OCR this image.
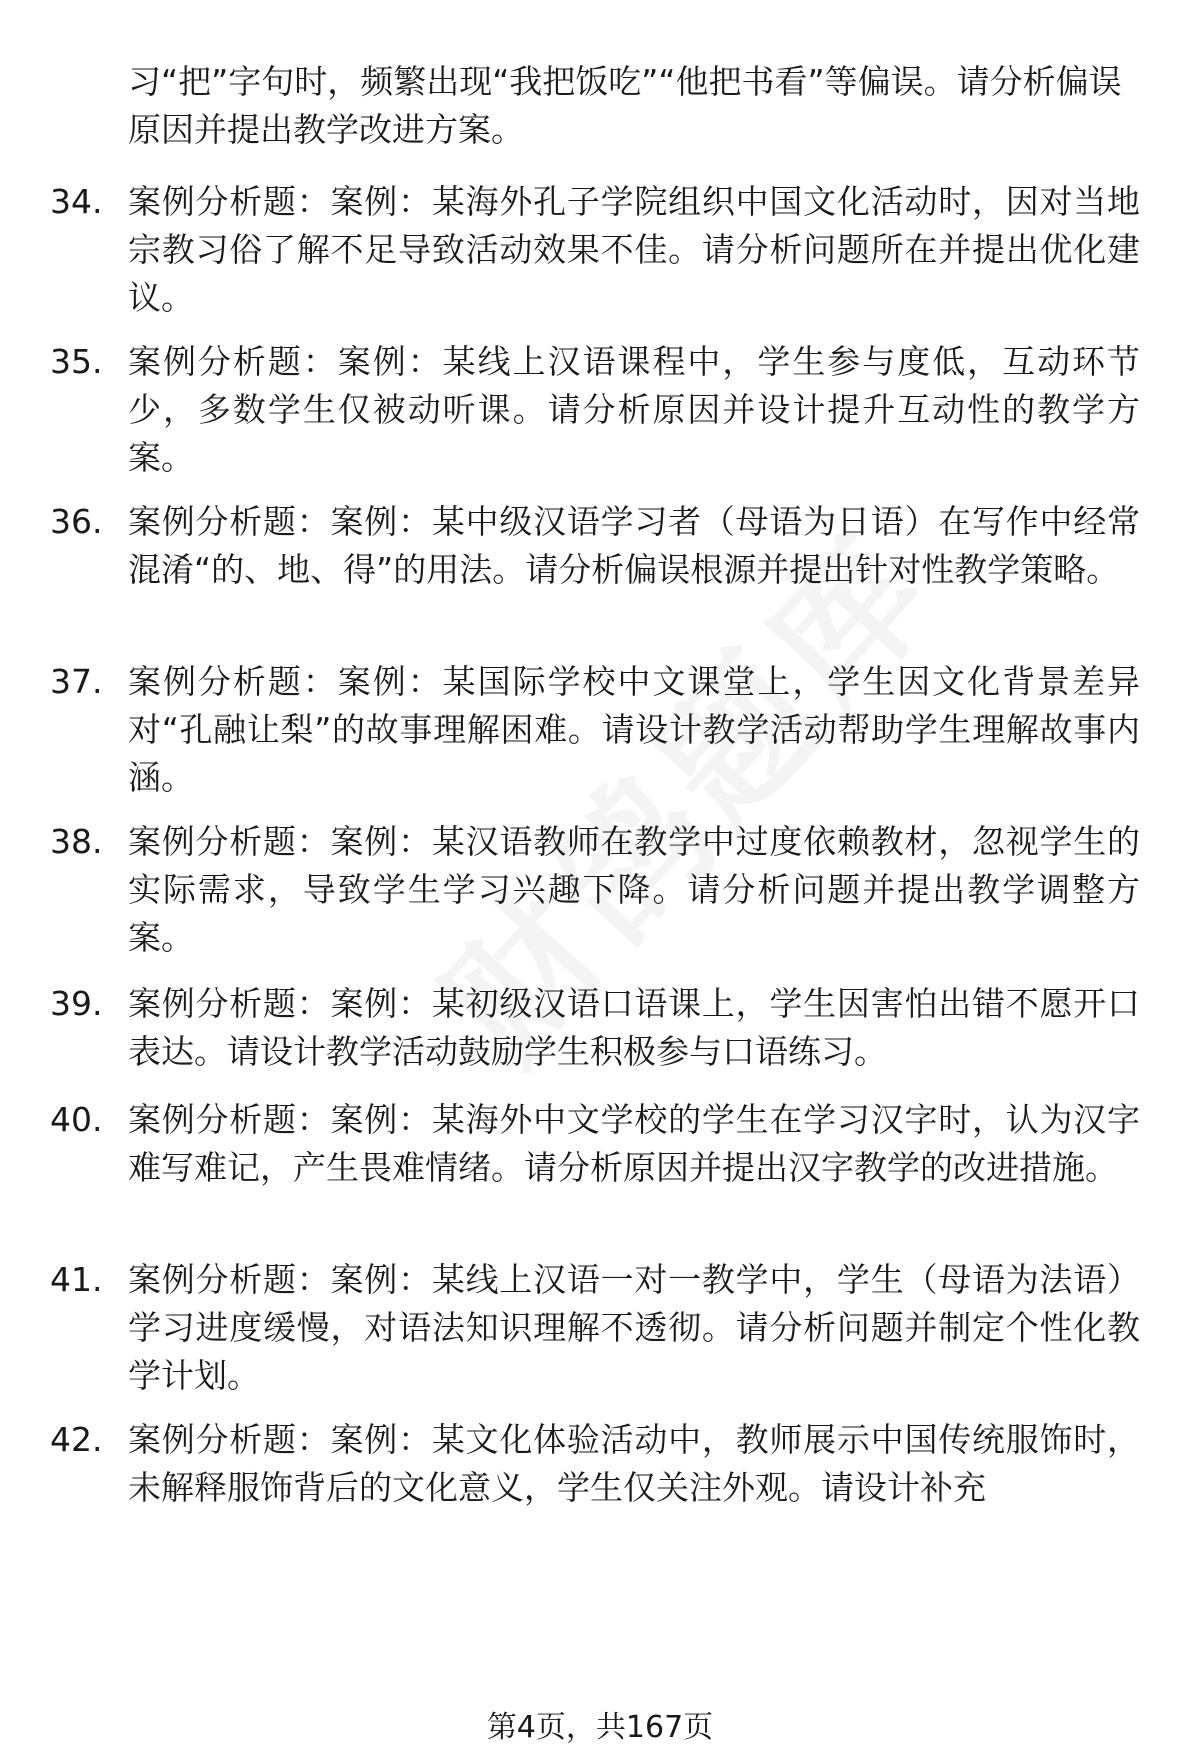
习“把”字句时，频繁出现“我把饭吃”“他把书看”等偏误。请分析偏误原因并提出教学改进方案。
34. 案例分析题：案例：某海外孔子学院组织中国文化活动时，因对当地宗教习俗了解不足导致活动效果不佳。请分析问题所在并提出优化建议。
35. 案例分析题：案例：某线上汉语课程中，学生参与度低，互动环节少，多数学生仅被动听课。请分析原因并设计提升互动性的教学方案。
36. 案例分析题：案例：某中级汉语学习者（母语为日语）在写作中经常混淆“的、地、得”的用法。请分析偏误根源并提出针对性教学策略。
37. 案例分析题：案例：某国际学校中文课堂上，学生因文化背景差异对“孔融让梨”的故事理解困难。请设计教学活动帮助学生理解故事内涵。
38. 案例分析题：案例：某汉语教师在教学中过度依赖教材，忽视学生的实际需求，导致学生学习兴趣下降。请分析问题并提出教学调整方案。
39. 案例分析题：案例：某初级汉语口语课上，学生因害怕出错不愿开口表达。请设计教学活动鼓励学生积极参与口语练习。
40. 案例分析题：案例：某海外中文学校的学生在学习汉字时，认为汉字难写难记，产生畏难情绪。请分析原因并提出汉字教学的改进措施。
41. 案例分析题：案例：某线上汉语一对一教学中，学生（母语为法语）学习进度缓慢，对语法知识理解不透彻。请分析问题并制定个性化教学计划。
42. 案例分析题：案例：某文化体验活动中，教师展示中国传统服饰时，未解释服饰背后的文化意义，学生仅关注外观。请设计补充
第4页，共167页
